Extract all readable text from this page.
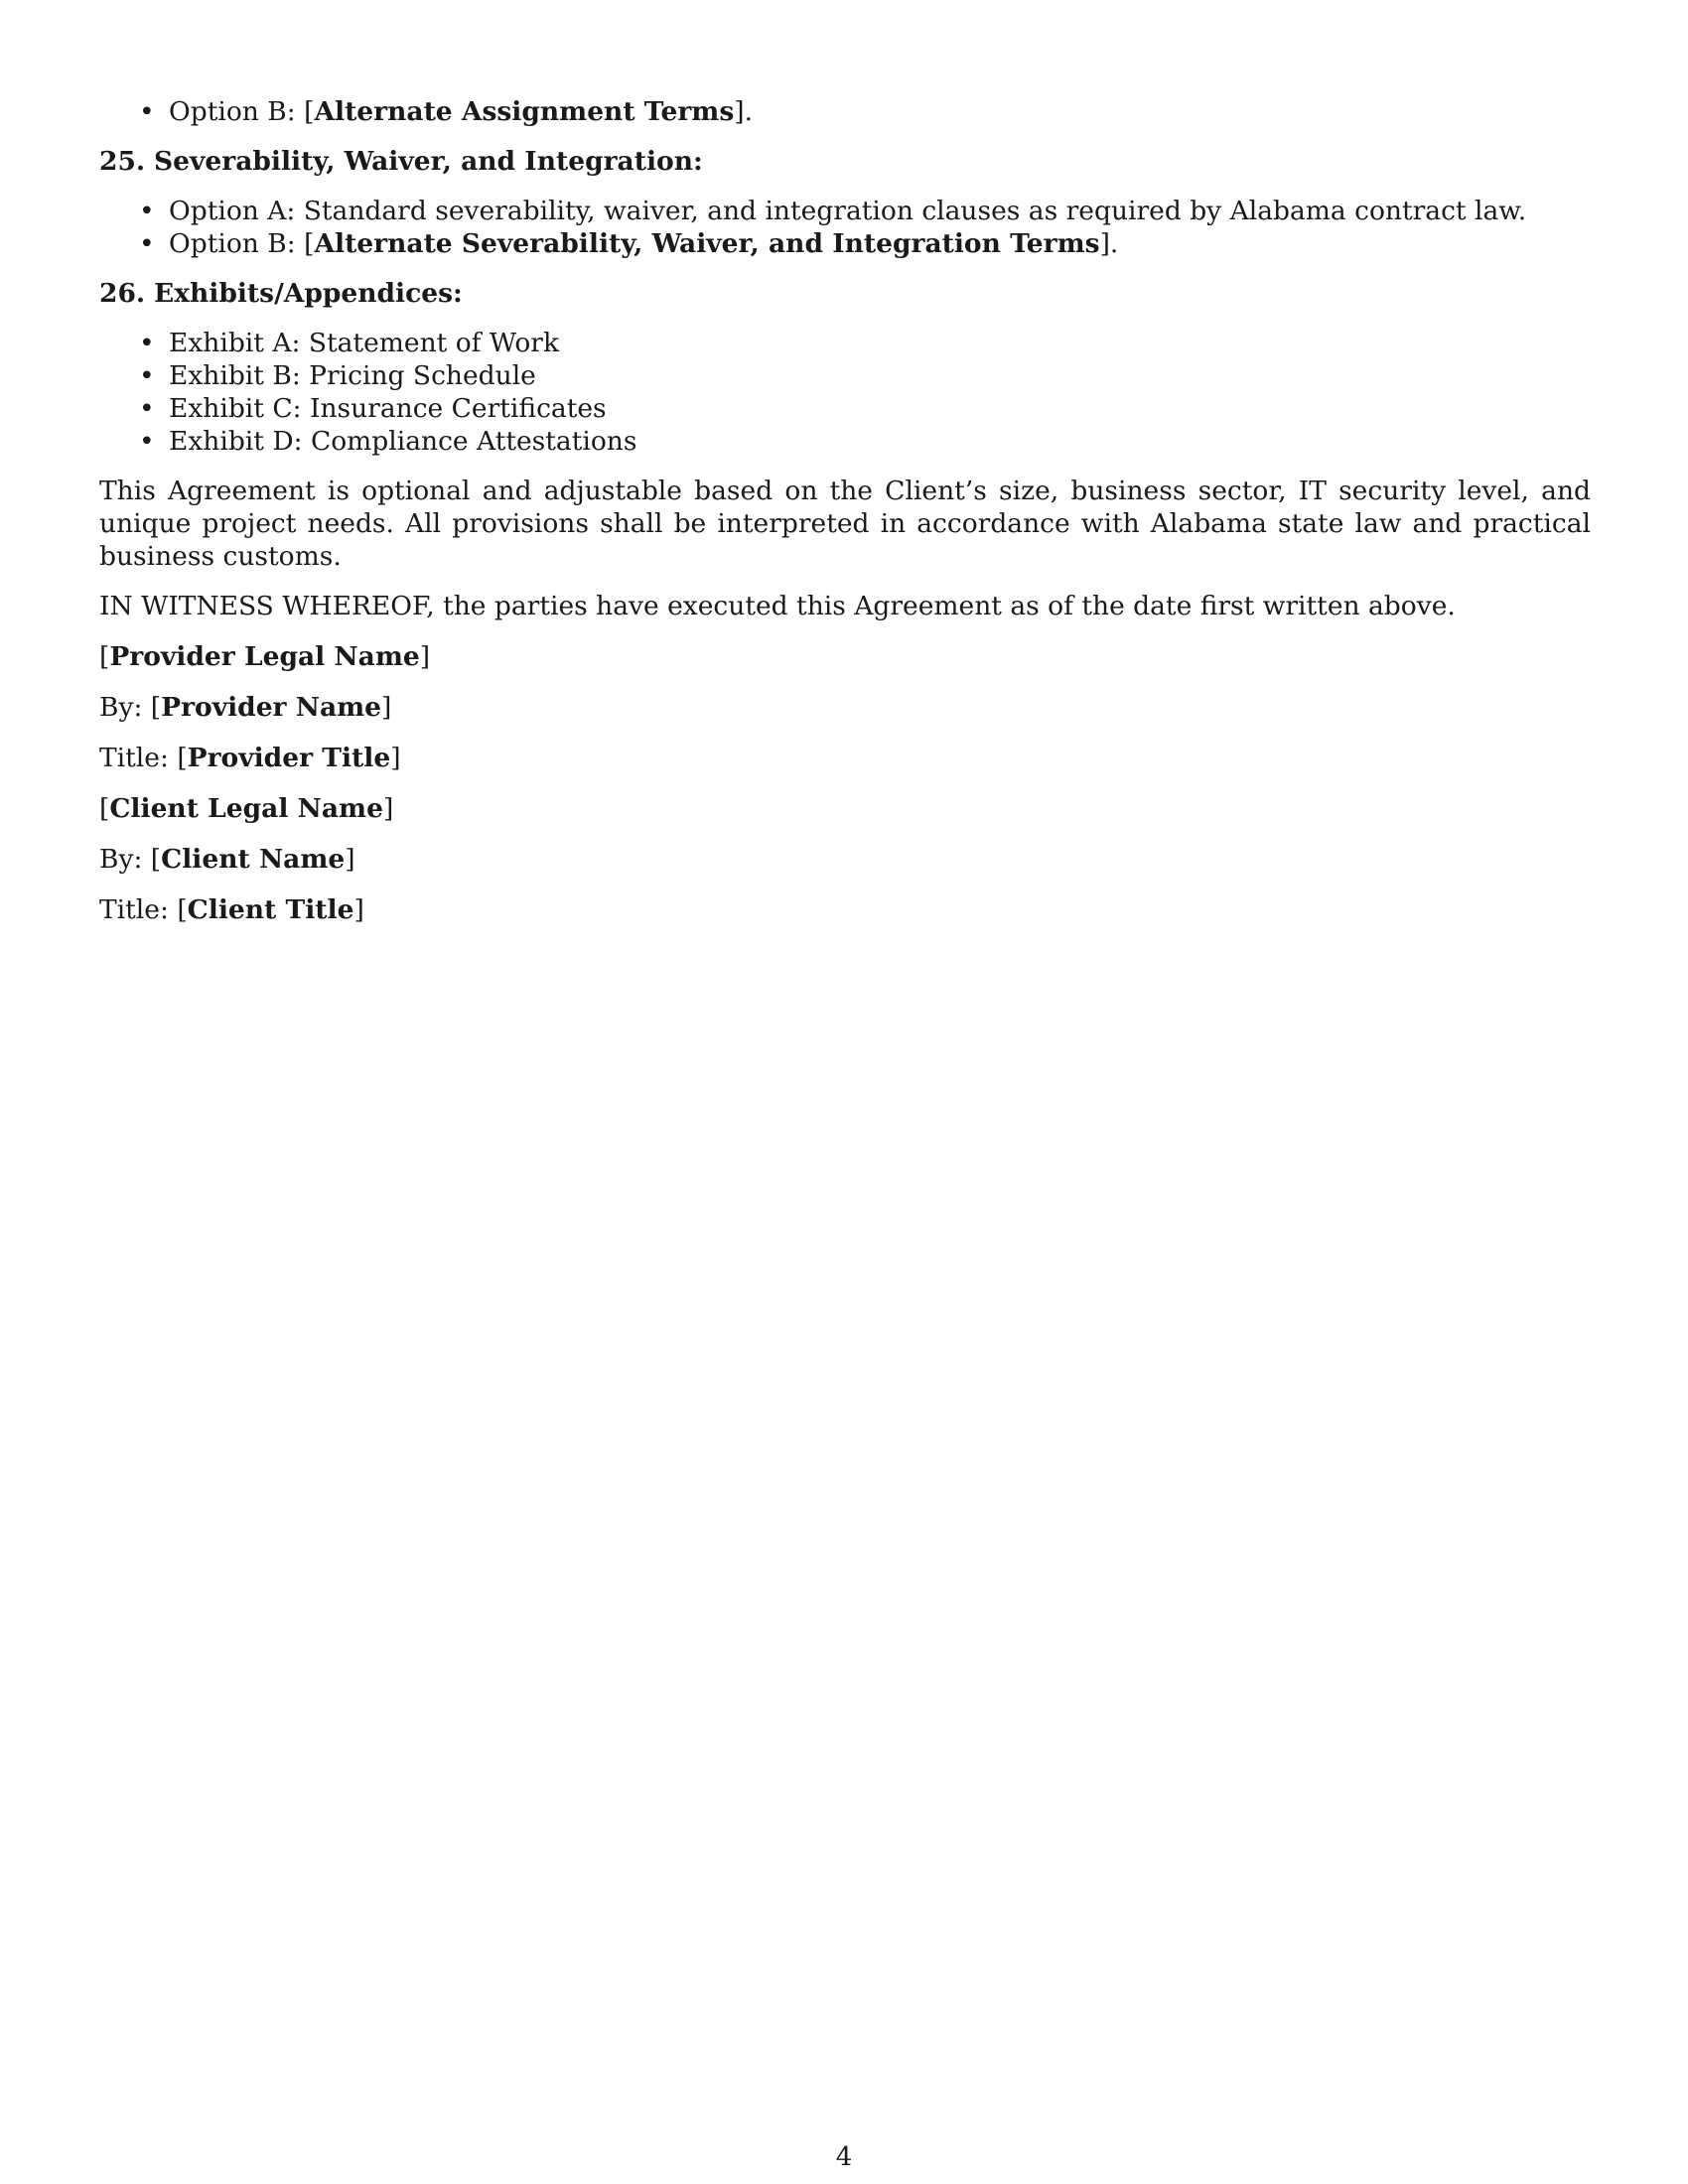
• Option B: [Alternate Assignment Terms].

25. Severability, Waiver, and Integration:

• Option A: Standard severability, waiver, and integration clauses as required by Alabama contract law.
• Option B: [Alternate Severability, Waiver, and Integration Terms].

26. Exhibits/Appendices:

• Exhibit A: Statement of Work
• Exhibit B: Pricing Schedule
• Exhibit C: Insurance Certificates
• Exhibit D: Compliance Attestations

This Agreement is optional and adjustable based on the Client’s size, business sector, IT security level, and unique project needs. All provisions shall be interpreted in accordance with Alabama state law and practical business customs.

IN WITNESS WHEREOF, the parties have executed this Agreement as of the date first written above.

[Provider Legal Name]

By: [Provider Name]

Title: [Provider Title]

[Client Legal Name]

By: [Client Name]

Title: [Client Title]

4
